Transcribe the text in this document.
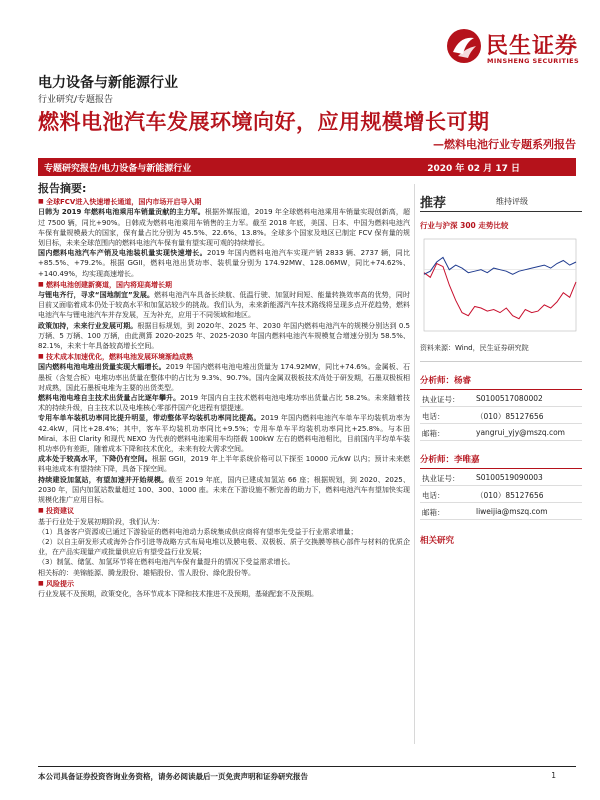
民生证券
MINSHENG SECURITIES
电力设备与新能源行业
行业研究/专题报告
燃料电池汽车发展环境向好，应用规模增长可期
—燃料电池行业专题系列报告
专题研究报告/电力设备与新能源行业	2020 年 02 月 17 日
报告摘要:
■ 全球FCV进入快速增长通道，国内市场开启导入期
日韩为 2019 年燃料电池乘用车销量贡献的主力军。根据外媒报道，2019 年全球燃料电池乘用车销量实现创新高，超过 7500 辆，同比+90%。日韩成为燃料电池乘用车销售的主力军。截至 2018 年底，美国、日本、中国为燃料电池汽车保有量规模最大的国家，保有量占比分别为 45.5%、22.6%、13.8%。全球多个国家及地区已制定 FCV 保有量的规划目标，未来全球范围内的燃料电池汽车保有量有望实现可观的持续增长。
国内燃料电池汽车产销及电池装机量实现快速增长。2019 年国内燃料电池汽车实现产销 2833 辆、2737 辆，同比+85.5%、+79.2%。根据 GGII，燃料电池出货功率、装机量分别为 174.92MW、128.06MW，同比+74.62%、+140.49%，均实现高速增长。
■ 燃料电池创建新赛道，国内将迎高增长期
与锂电齐行，寻求“国地制宜”发展。燃料电池汽车具备长续航、低温行驶、加氢时间短、能量转换效率高的优势，同时目前又面临着成本仍处于较高水平和加氢站较少的挑战。我们认为，未来新能源汽车技术路线将呈现多点开花趋势，燃料电池汽车与锂电池汽车并存发展，互为补充，应用于不同领域和地区。
政策加持，未来行业发展可期。根据目标规划，到 2020年、2025 年、2030 年国内燃料电池汽车的规模分别达到 0.5 万辆、5 万辆、100 万辆，由此测算 2020-2025 年、2025-2030 年国内燃料电池汽车规模复合增速分别为 58.5%、82.1%，未来十年具备较高增长空间。
■ 技术成本加速优化，燃料电池发展环境渐趋成熟
国内燃料电池电堆出货量实现大幅增长。2019 年国内燃料电池电堆出货量为 174.92MW，同比+74.6%。金属板、石墨板（含复合板）电堆功率出货量在整体中的占比为 9.3%、90.7%。国内金属双极板技术尚处于研发期，石墨双极板相对成熟，国此石墨板电堆为主要的出货类型。
燃料电池电堆自主技术出货量占比逐年攀升。2019 年国内自主技术燃料电池电堆功率出货量占比 58.2%。未来随着技术的持续升级，自主技术以及电堆核心零部件国产化进程有望提速。
专用车单车装机功率同比提升明显，带动整体平均装机功率同比提高。2019 年国内燃料电池汽车单车平均装机功率为 42.4kW，同比+28.4%；其中，客车平均装机功率同比+9.5%；专用车单车平均装机功率同比+25.8%。与本田 Mirai、本田 Clarity 和现代 NEXO 为代表的燃料电池乘用车均搭载 100kW 左右的燃料电池相比，目前国内平均单车装机功率仍有差距，随着成本下降和技术优化，未来有较大需求空间。
成本处于较高水平，下降仍有空间。根据 GGII，2019 年上半年系统价格可以下探至 10000 元/kW 以内；预计未来燃料电池成本有望持续下降，具备下探空间。
持续建设加氢站，有望加速并开始规模。截至 2019 年底，国内已建成加氢站 66 座；根据规划，到 2020、2025、2030 年，国内加氢站数量超过 100、300、1000 座。未来在下游设施不断完善的助力下，燃料电池汽车有望加快实现规模化推广应用目标。
■ 投资建议
基于行业处于发展初期阶段，我们认为：
（1）具备客户资源或已通过下游验证的燃料电池动力系统集成供应商将有望率先受益于行业需求增量；
（2）以自主研发形式或海外合作引进等战略方式布局电堆以及膜电极、双极板、质子交换膜等核心部件与材料的优质企业，在产品实现量产或批量供应后有望受益行业发展；
（3）制氢、储氢、加氢环节将在燃料电池汽车保有量提升的情况下受益需求增长。
相关标的：美锦能源、腾龙股份、雄韬股份、雪人股份、綠化股份等。
■ 风险提示
行业发展不及预期，政策变化，各环节成本下降和技术推进不及预期，基础配套不及预期。
推荐	维持评级
行业与沪深 300 走势比较
资料来源：Wind，民生证券研究院
分析师：杨睿
执业证号： S0100517080002
电话：	（010）85127656
邮箱：	yangrui_yjy@mszq.com
分析师：李唯嘉
执业证号： S0100519090003
电话：	（010）85127656
邮箱：	liweijia@mszq.com
相关研究
本公司具备证券投资咨询业务资格，请务必阅读最后一页免责声明和证券研究报告	1
